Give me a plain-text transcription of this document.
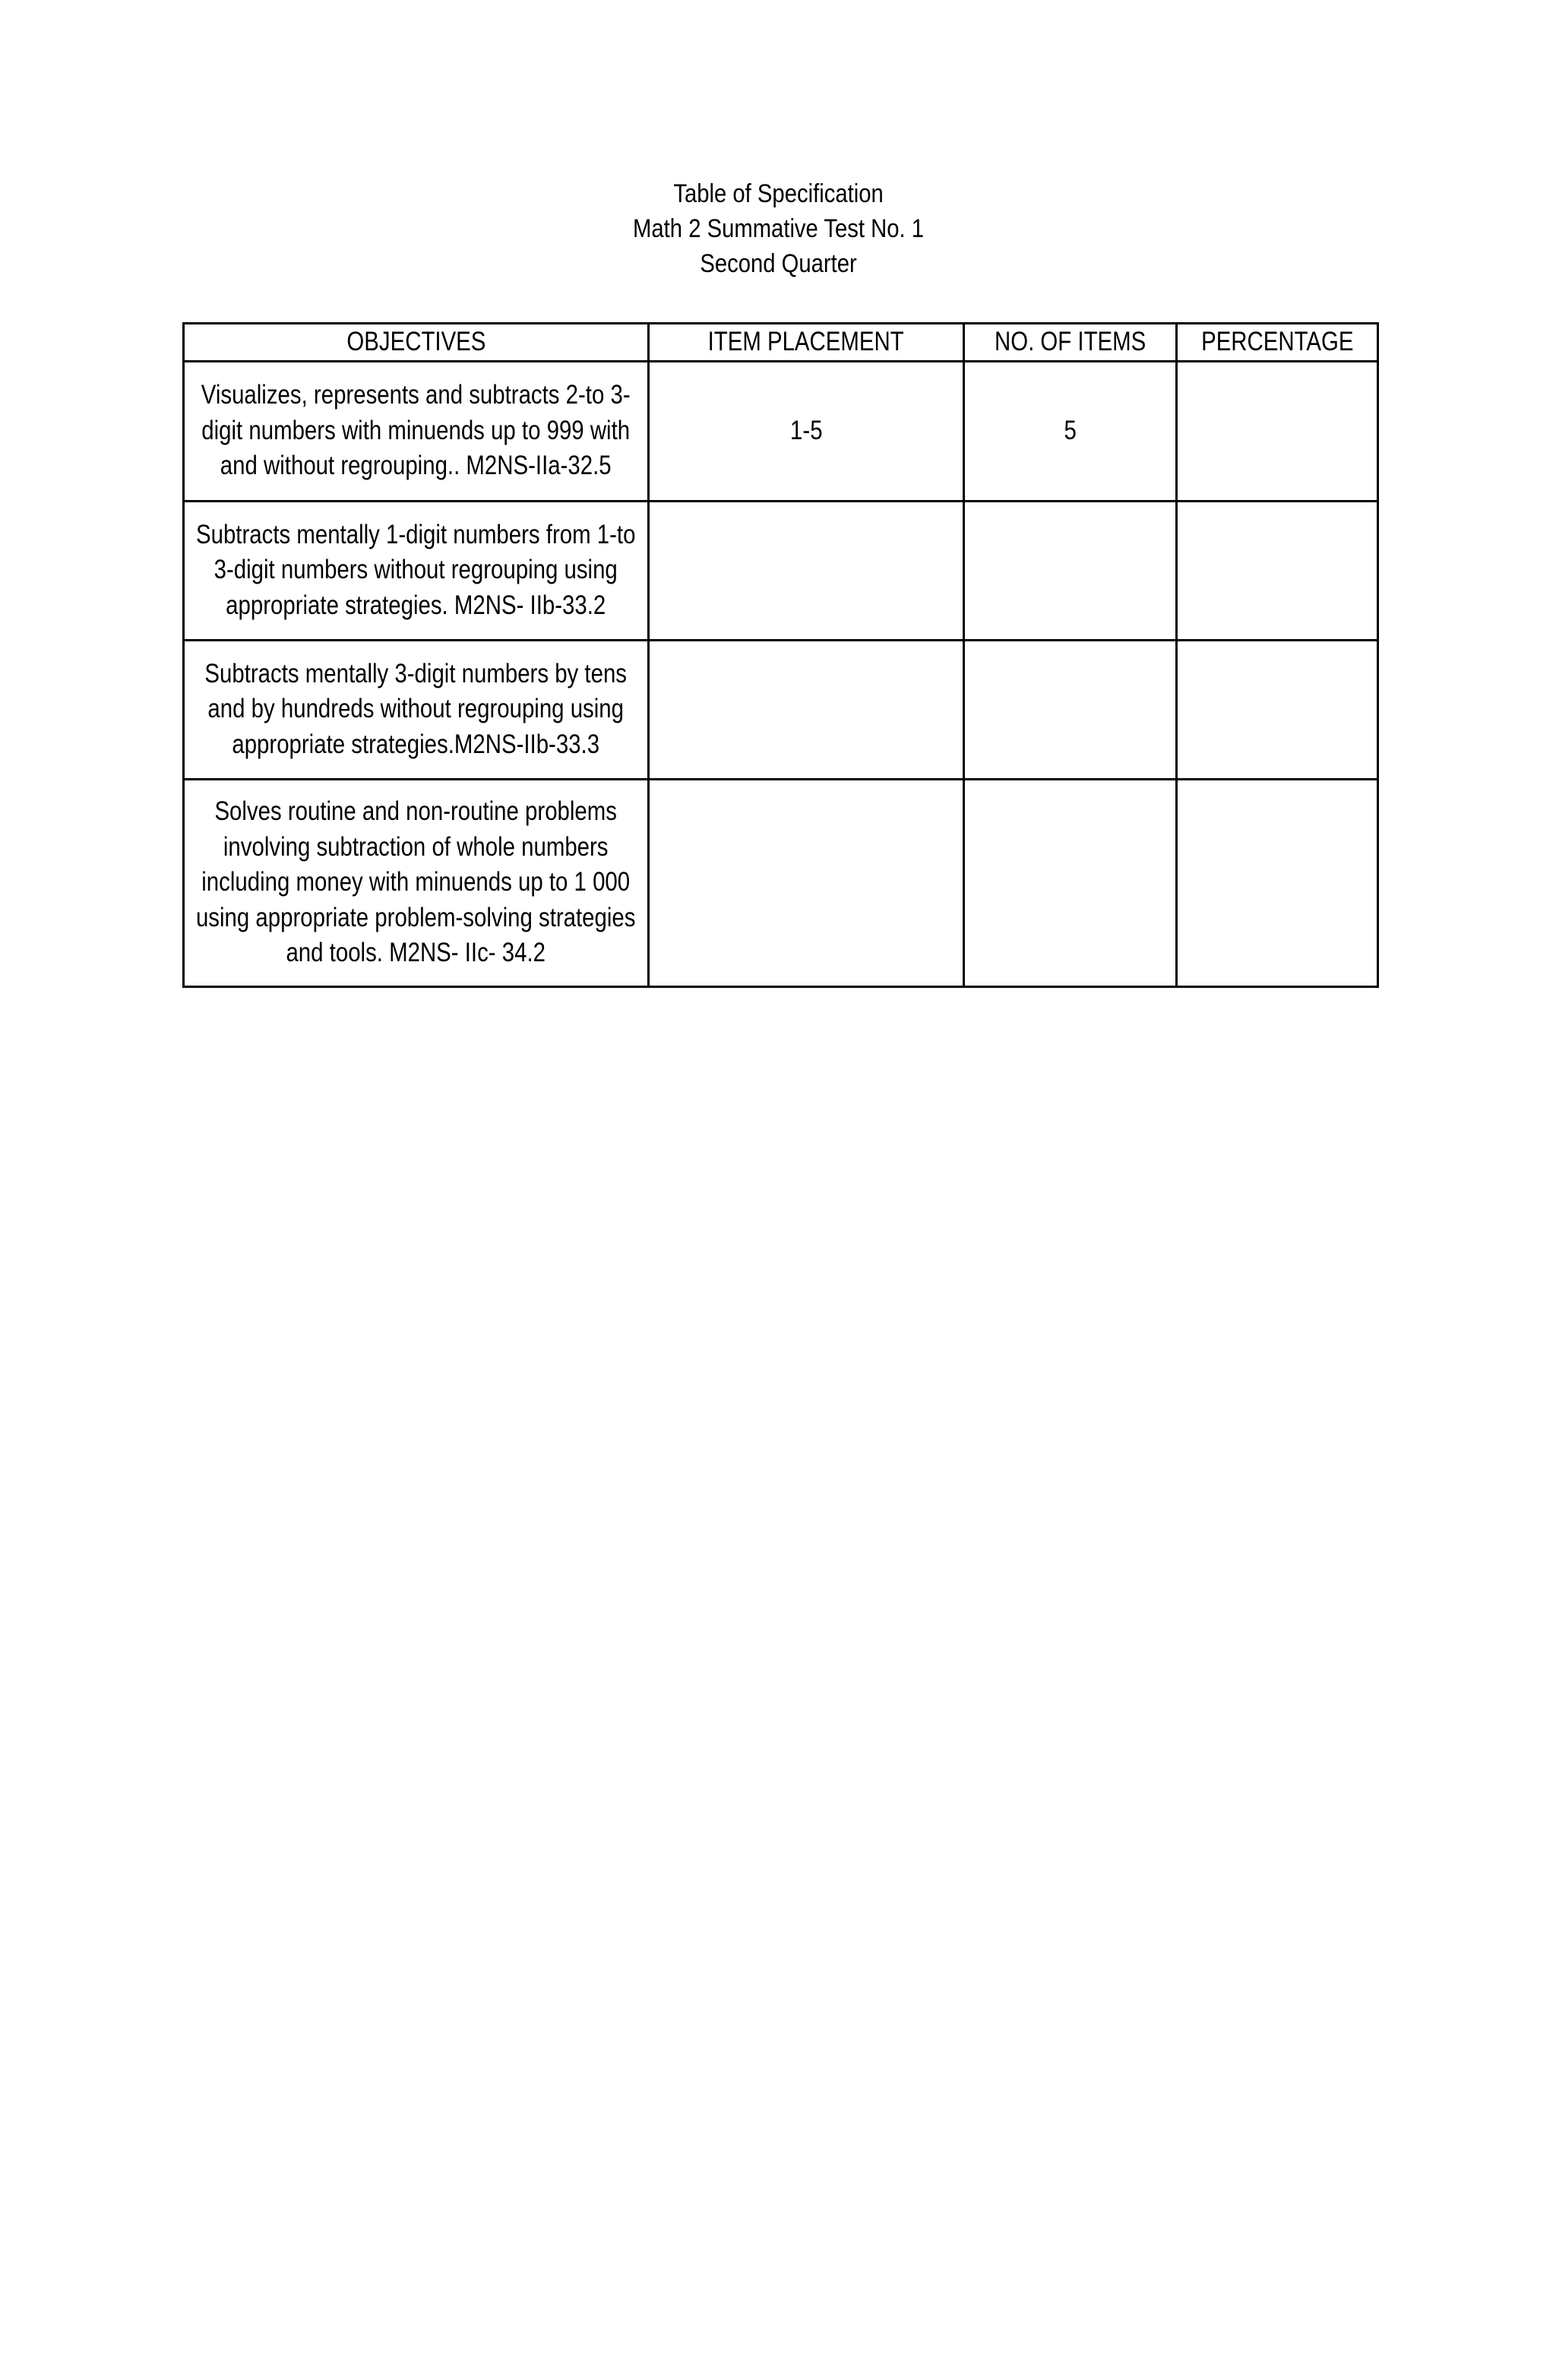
Table of Specification
Math 2 Summative Test No. 1
Second Quarter
OBJECTIVES	ITEM PLACEMENT	NO. OF ITEMS	PERCENTAGE

Visualizes, represents and subtracts 2-to 3-digit numbers with minuends up to 999 with and without regrouping.. M2NS-IIa-32.5	1-5	5	

Subtracts mentally 1-digit numbers from 1-to 3-digit numbers without regrouping using appropriate strategies. M2NS- IIb-33.2			

Subtracts mentally 3-digit numbers by tens and by hundreds without regrouping using appropriate strategies.M2NS-IIb-33.3			

Solves routine and non-routine problems involving subtraction of whole numbers including money with minuends up to 1 000 using appropriate problem-solving strategies and tools. M2NS- IIc- 34.2			
